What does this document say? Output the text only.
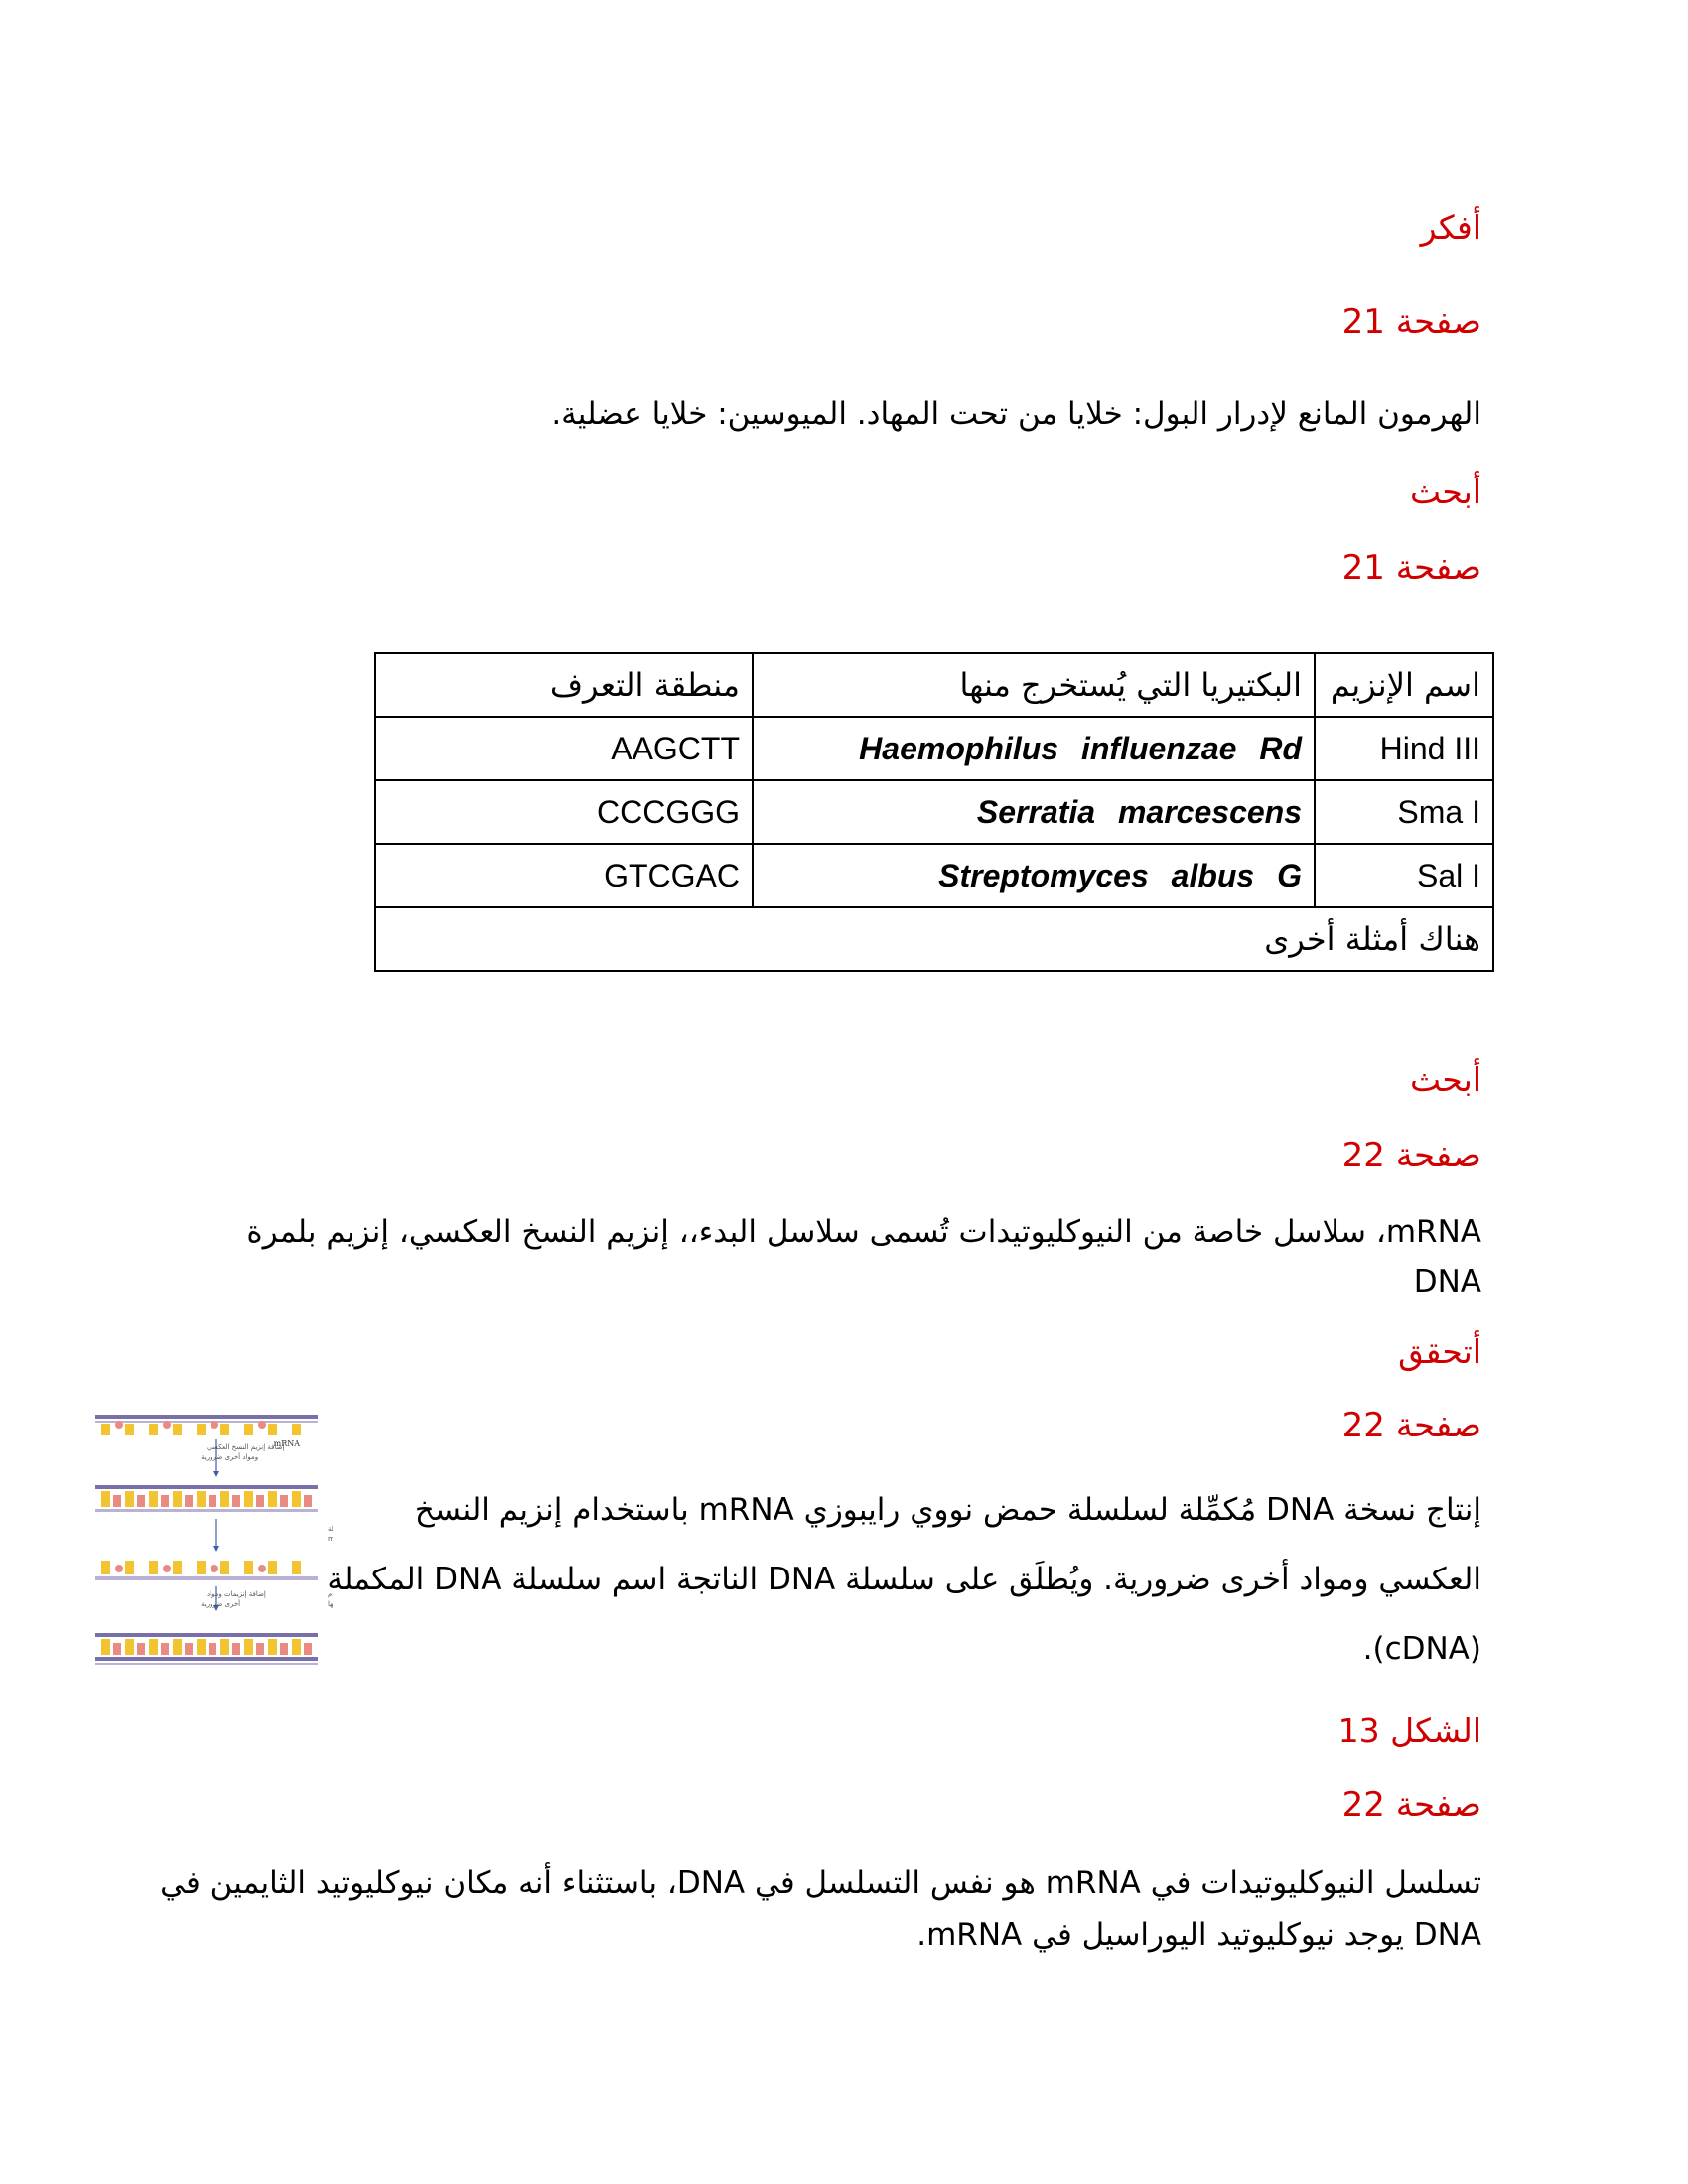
أفكر
صفحة 21

الهرمون المانع لإدرار البول: خلايا من تحت المهاد. الميوسين: خلايا عضلية.

أبحث
صفحة 21
اسم الإنزيم	البكتيريا التي يُستخرج منها	منطقة التعرف
Hind III	Haemophilus influenzae Rd	AAGCTT
Sma I	Serratia marcescens	CCCGGG
Sal I	Streptomyces albus G	GTCGAC
هناك أمثلة أخرى		
أبحث
صفحة 22

mRNA، سلاسل خاصة من النيوكليوتيدات تُسمى سلاسل البدء،، إنزيم النسخ العكسي، إنزيم بلمرة

DNA

أتحقق
صفحة 22

إنتاج نسخة DNA مُكمِّلة لسلسلة حمض نووي رايبوزي mRNA باستخدام إنزيم النسخ

العكسي ومواد أخرى ضرورية. ويُطلَق على سلسلة DNA الناتجة اسم سلسلة DNA المكملة

(cDNA).

mRNA
إضافة إنزيم النسخ العكسي
ومواد أخرى ضرورية
ة
m
إضافة إنزيمات ومواد
أخرى ضرورية
م
ها
الشكل 13
صفحة 22

تسلسل النيوكليوتيدات في mRNA هو نفس التسلسل في DNA، باستثناء أنه مكان نيوكليوتيد الثايمين في

DNA يوجد نيوكليوتيد اليوراسيل في mRNA.
